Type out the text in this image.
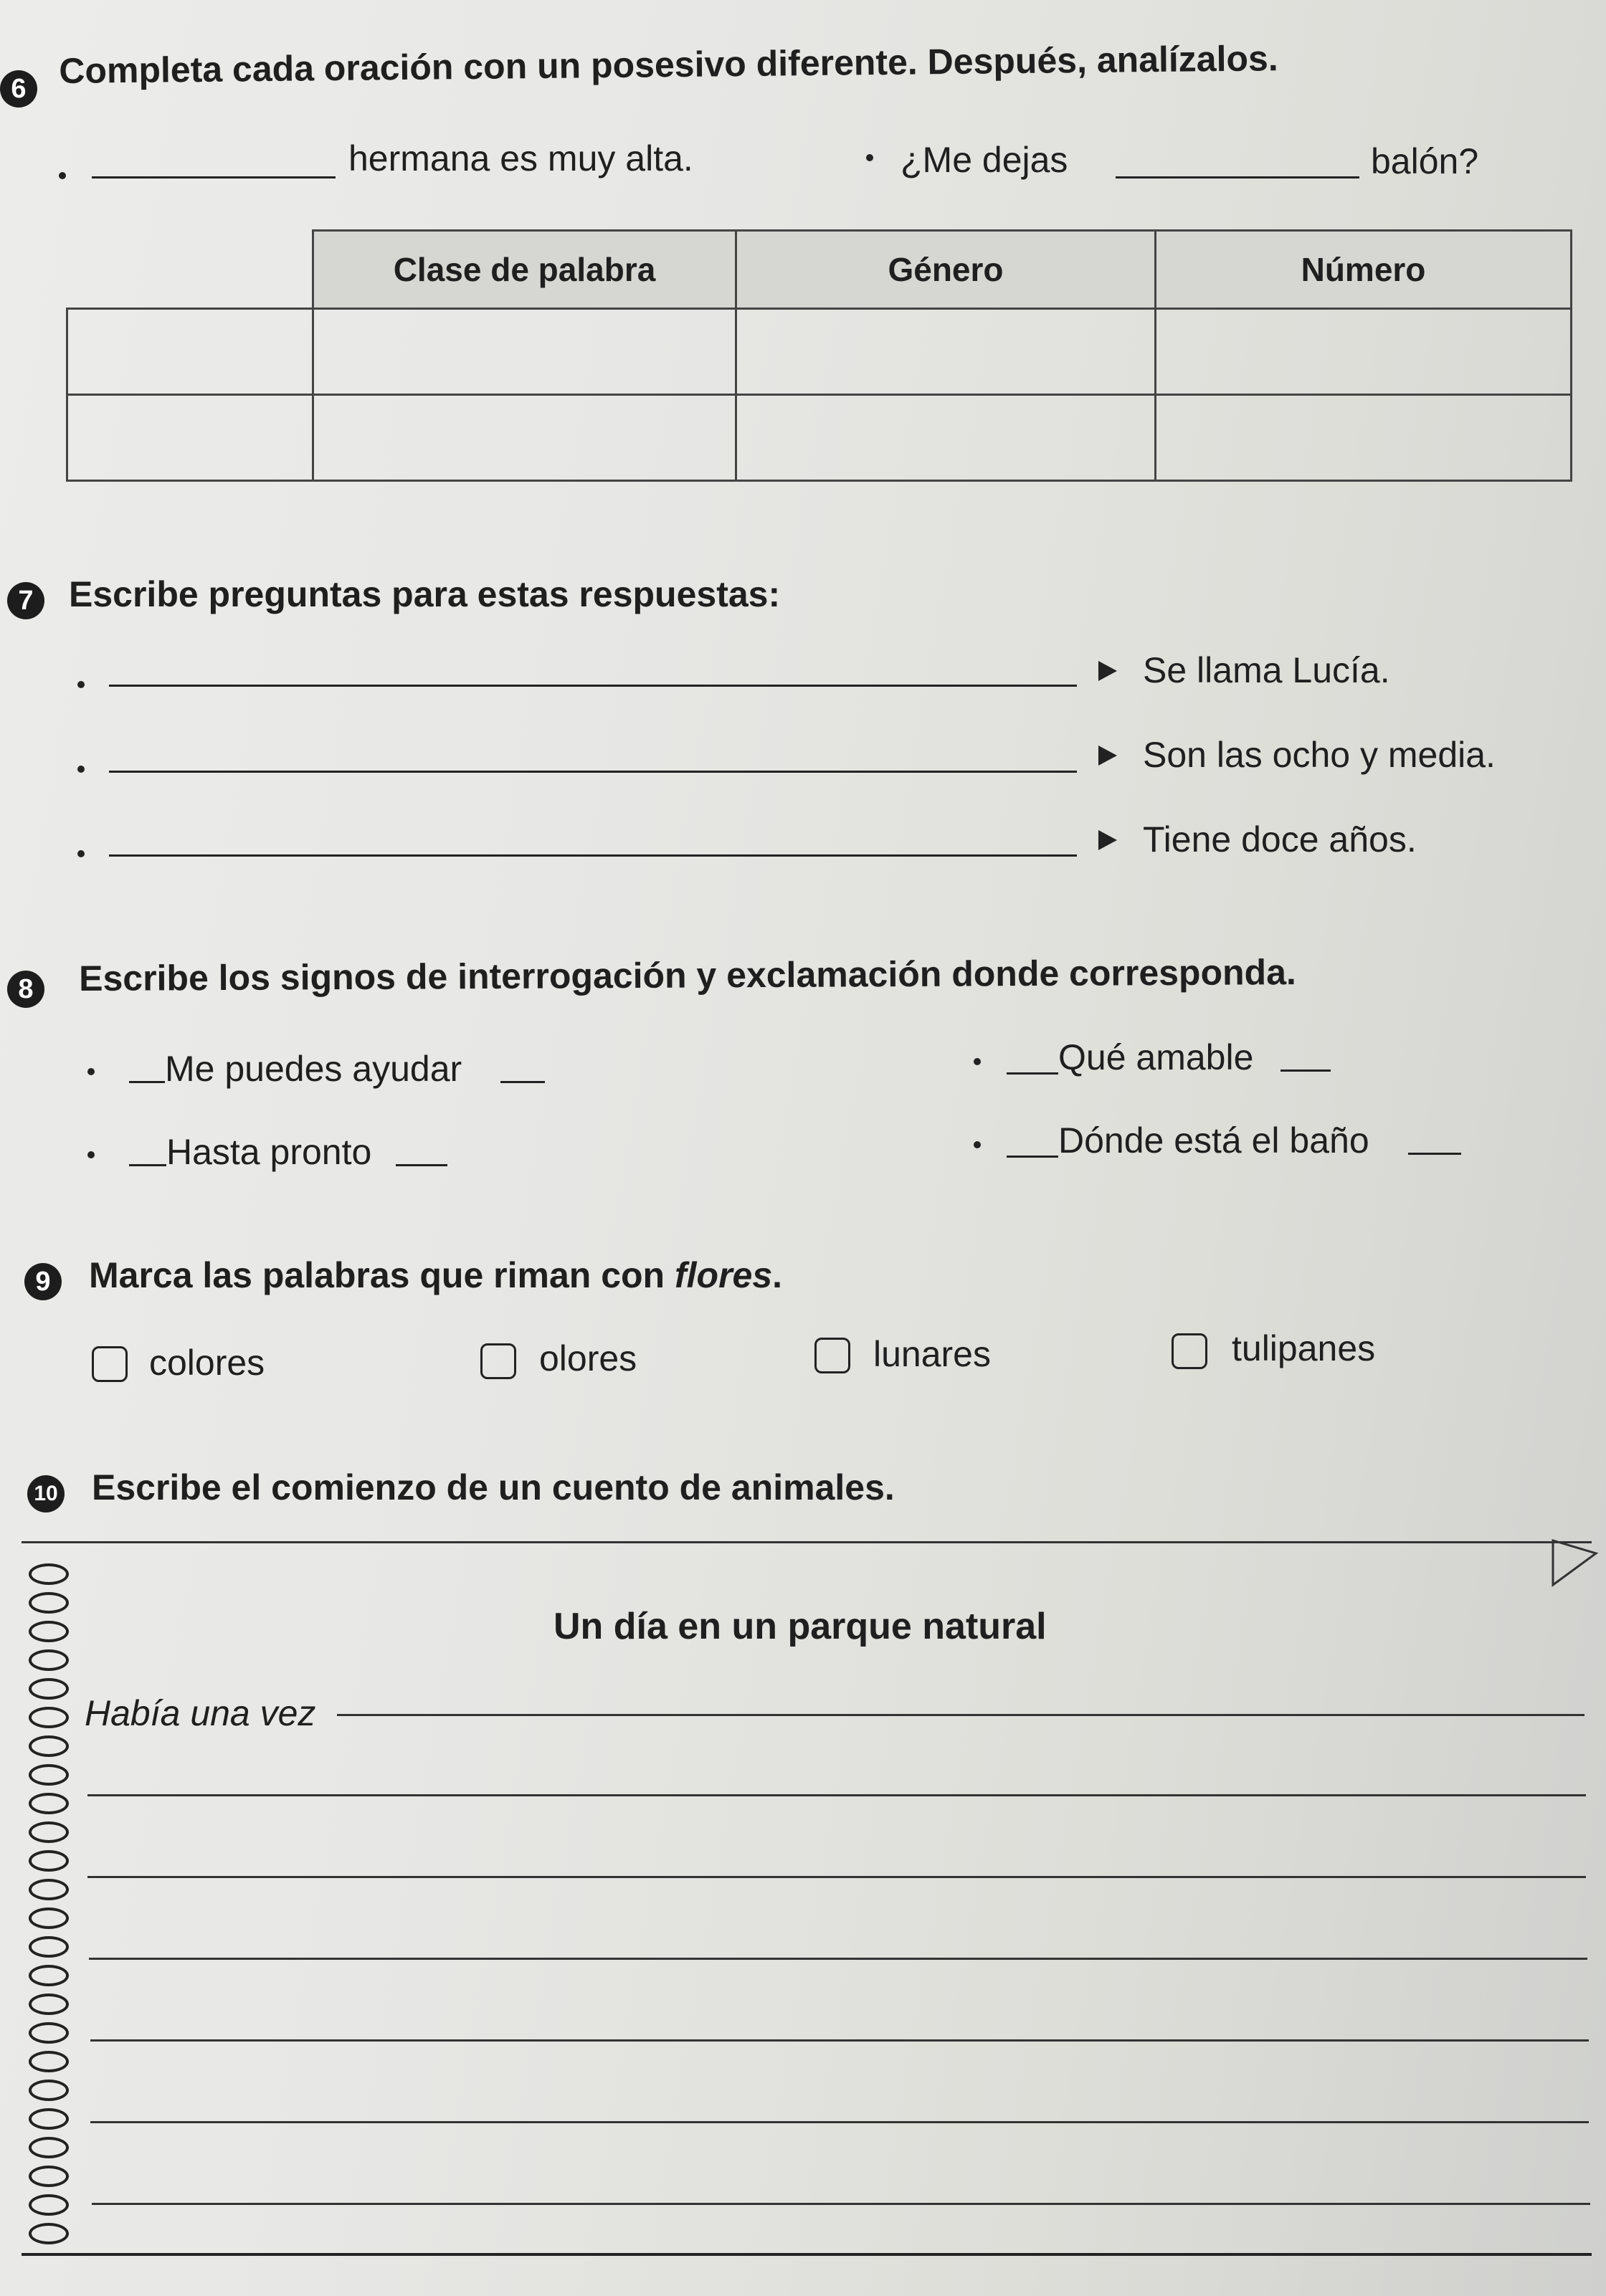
6 Completa cada oración con un posesivo diferente. Después, analízalos.
hermana es muy alta.	¿Me dejas	balón?
	Clase de palabra	Género	Número

7 Escribe preguntas para estas respuestas:
Se llama Lucía.
Son las ocho y media.
Tiene doce años.
8	Escribe los signos de interrogación y exclamación donde corresponda.
Me puedes ayudar	Qué amable
Hasta pronto	Dónde está el baño
9	Marca las palabras que riman con flores.
colores	olores	lunares	tulipanes
10 Escribe el comienzo de un cuento de animales.
Un día en un parque natural
Había una vez
